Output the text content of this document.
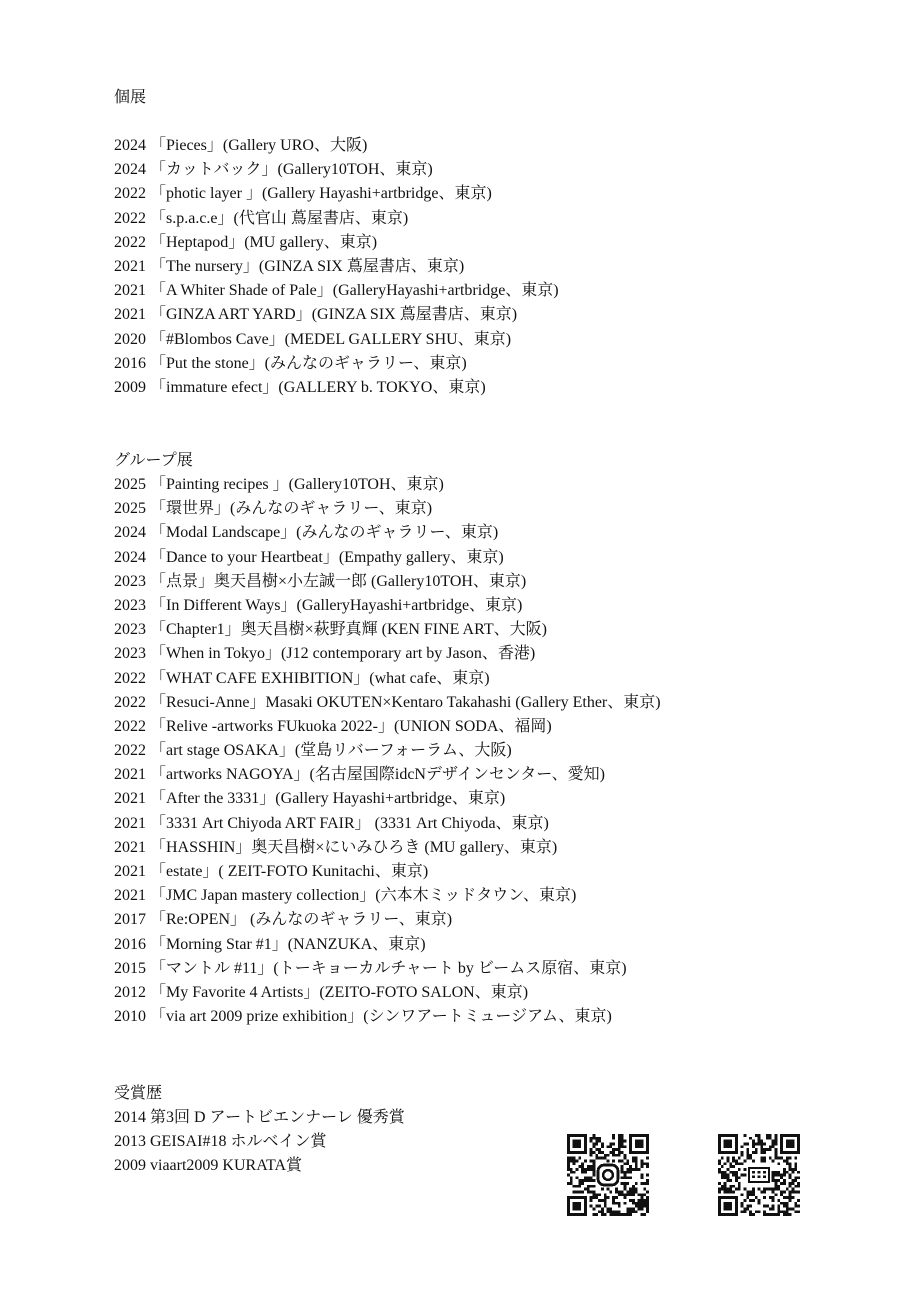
個展
2024 「Pieces」(Gallery URO、大阪)
2024 「カットバック」(Gallery10TOH、東京)
2022 「photic layer 」(Gallery Hayashi+artbridge、東京)
2022 「s.p.a.c.e」(代官山 蔦屋書店、東京)
2022 「Heptapod」(MU gallery、東京)
2021 「The nursery」(GINZA SIX 蔦屋書店、東京)
2021 「A Whiter Shade of Pale」(GalleryHayashi+artbridge、東京)
2021 「GINZA ART YARD」(GINZA SIX 蔦屋書店、東京)
2020 「#Blombos Cave」(MEDEL GALLERY SHU、東京)
2016 「Put the stone」(みんなのギャラリー、東京)
2009 「immature efect」(GALLERY b. TOKYO、東京)
グループ展
2025 「Painting recipes 」(Gallery10TOH、東京)
2025 「環世界」(みんなのギャラリー、東京)
2024 「Modal Landscape」(みんなのギャラリー、東京)
2024 「Dance to your Heartbeat」(Empathy gallery、東京)
2023 「点景」奥天昌樹×小左誠一郎 (Gallery10TOH、東京)
2023 「In Different Ways」(GalleryHayashi+artbridge、東京)
2023 「Chapter1」奥天昌樹×萩野真輝 (KEN FINE ART、大阪)
2023 「When in Tokyo」(J12 contemporary art by Jason、香港)
2022 「WHAT CAFE EXHIBITION」(what cafe、東京)
2022 「Resuci-Anne」Masaki OKUTEN×Kentaro Takahashi (Gallery Ether、東京)
2022 「Relive -artworks FUkuoka 2022-」(UNION SODA、福岡)
2022 「art stage OSAKA」(堂島リバーフォーラム、大阪)
2021 「artworks NAGOYA」(名古屋国際idcNデザインセンター、愛知)
2021 「After the 3331」(Gallery Hayashi+artbridge、東京)
2021 「3331 Art Chiyoda ART FAIR」 (3331 Art Chiyoda、東京)
2021 「HASSHIN」奥天昌樹×にいみひろき (MU gallery、東京)
2021 「estate」( ZEIT-FOTO Kunitachi、東京)
2021 「JMC Japan mastery collection」(六本木ミッドタウン、東京)
2017 「Re:OPEN」 (みんなのギャラリー、東京)
2016 「Morning Star #1」(NANZUKA、東京)
2015 「マントル #11」(トーキョーカルチャート by ビームス原宿、東京)
2012 「My Favorite 4 Artists」(ZEITO-FOTO SALON、東京)
2010 「via art 2009 prize exhibition」(シンワアートミュージアム、東京)
受賞歴
2014 第3回 D アートビエンナーレ 優秀賞
2013 GEISAI#18 ホルベイン賞
2009 viaart2009 KURATA賞
